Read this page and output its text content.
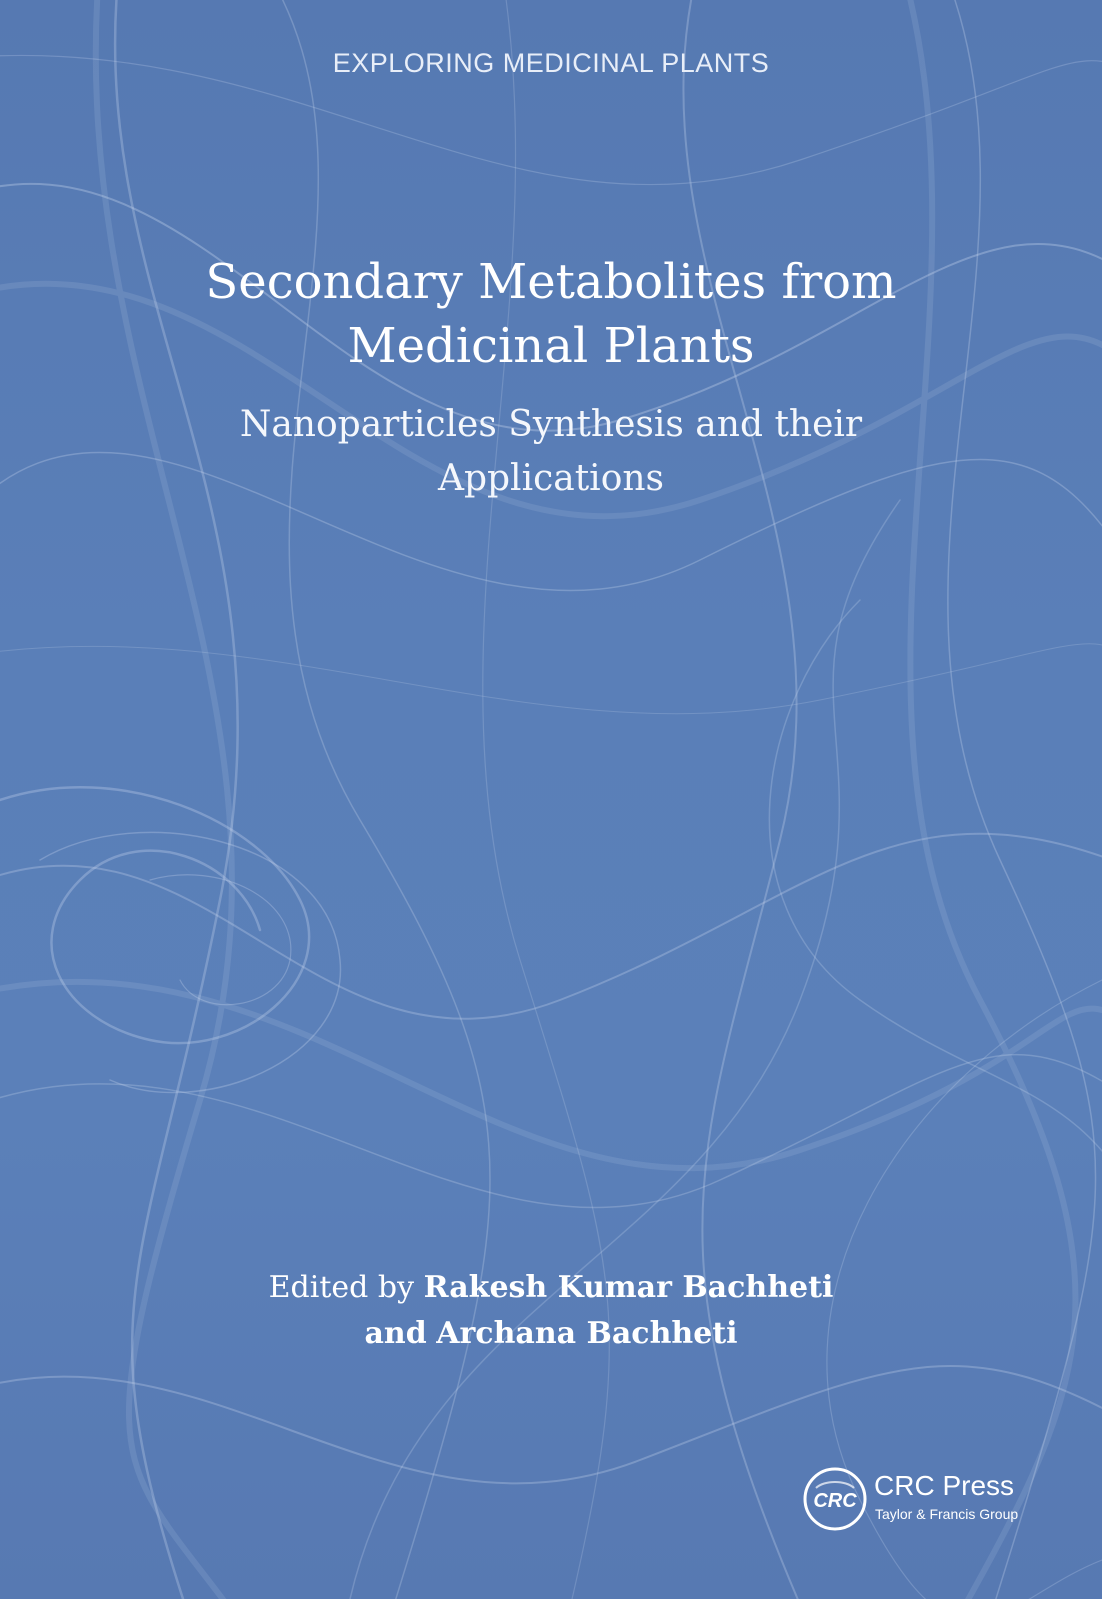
EXPLORING MEDICINAL PLANTS
Secondary Metabolites from
Medicinal Plants
Nanoparticles Synthesis and their
Applications
Edited by Rakesh Kumar Bachheti
and Archana Bachheti
CRC CRC Press
Taylor & Francis Group
